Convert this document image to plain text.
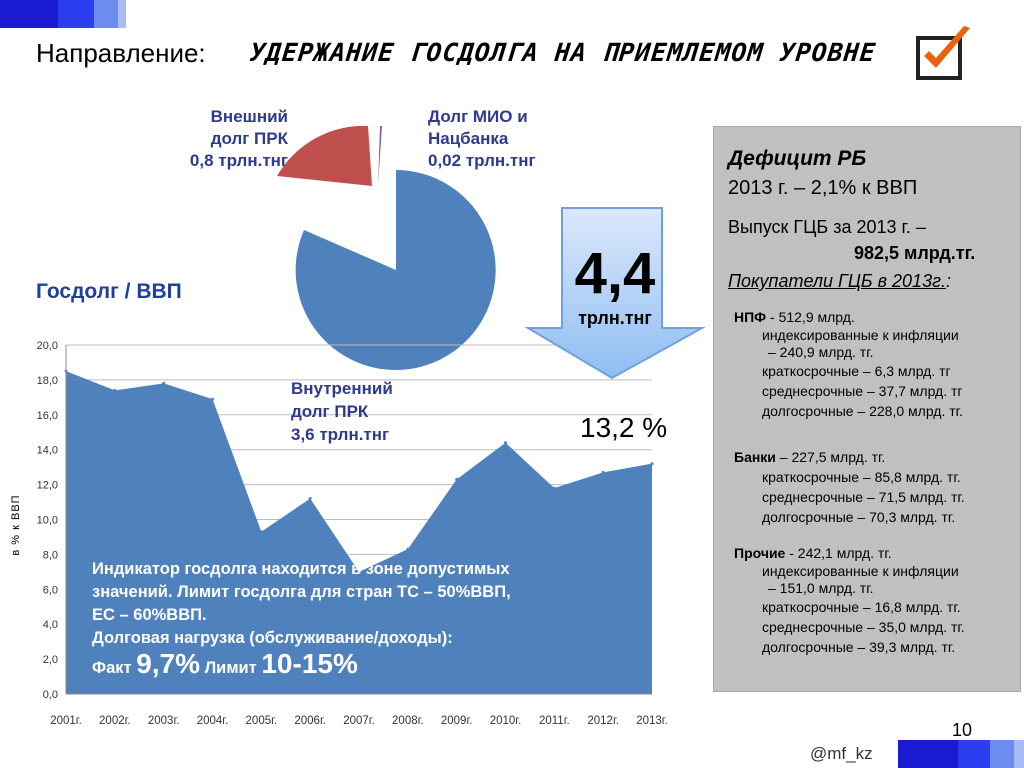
Направление: УДЕРЖАНИЕ ГОСДОЛГА НА ПРИЕМЛЕМОМ УРОВНЕ
Внешний
долг ПРК
0,8 трлн.тнг
Долг МИО и
Нацбанка
0,02 трлн.тнг
Госдолг / ВВП
0,0
2,0
4,0
6,0
8,0
10,0
12,0
14,0
16,0
18,0
20,0
2001г. 2002г. 2003г. 2004г. 2005г. 2006г. 2007г. 2008г. 2009г. 2010г. 2011г. 2012г. 2013г.
в % к ВВП
Внутренний
долг ПРК
3,6 трлн.тнг
4,4
трлн.тнг
13,2 %
Индикатор госдолга находится в зоне допустимых
значений. Лимит госдолга для стран ТС – 50%ВВП,
ЕС – 60%ВВП.
Долговая нагрузка (обслуживание/доходы):
Факт 9,7% Лимит 10-15%
Дефицит РБ
2013 г. – 2,1% к ВВП
Выпуск ГЦБ за 2013 г. –
982,5 млрд.тг.
Покупатели ГЦБ в 2013г.:
НПФ - 512,9 млрд.
индексированные к инфляции
– 240,9 млрд. тг.
краткосрочные – 6,3 млрд. тг
среднесрочные – 37,7 млрд. тг
долгосрочные – 228,0 млрд. тг.
Банки – 227,5 млрд. тг.
краткосрочные – 85,8 млрд. тг.
среднесрочные – 71,5 млрд. тг.
долгосрочные – 70,3 млрд. тг.
Прочие - 242,1 млрд. тг.
индексированные к инфляции
– 151,0 млрд. тг.
краткосрочные – 16,8 млрд. тг.
среднесрочные – 35,0 млрд. тг.
долгосрочные – 39,3 млрд. тг.
10
@mf_kz
